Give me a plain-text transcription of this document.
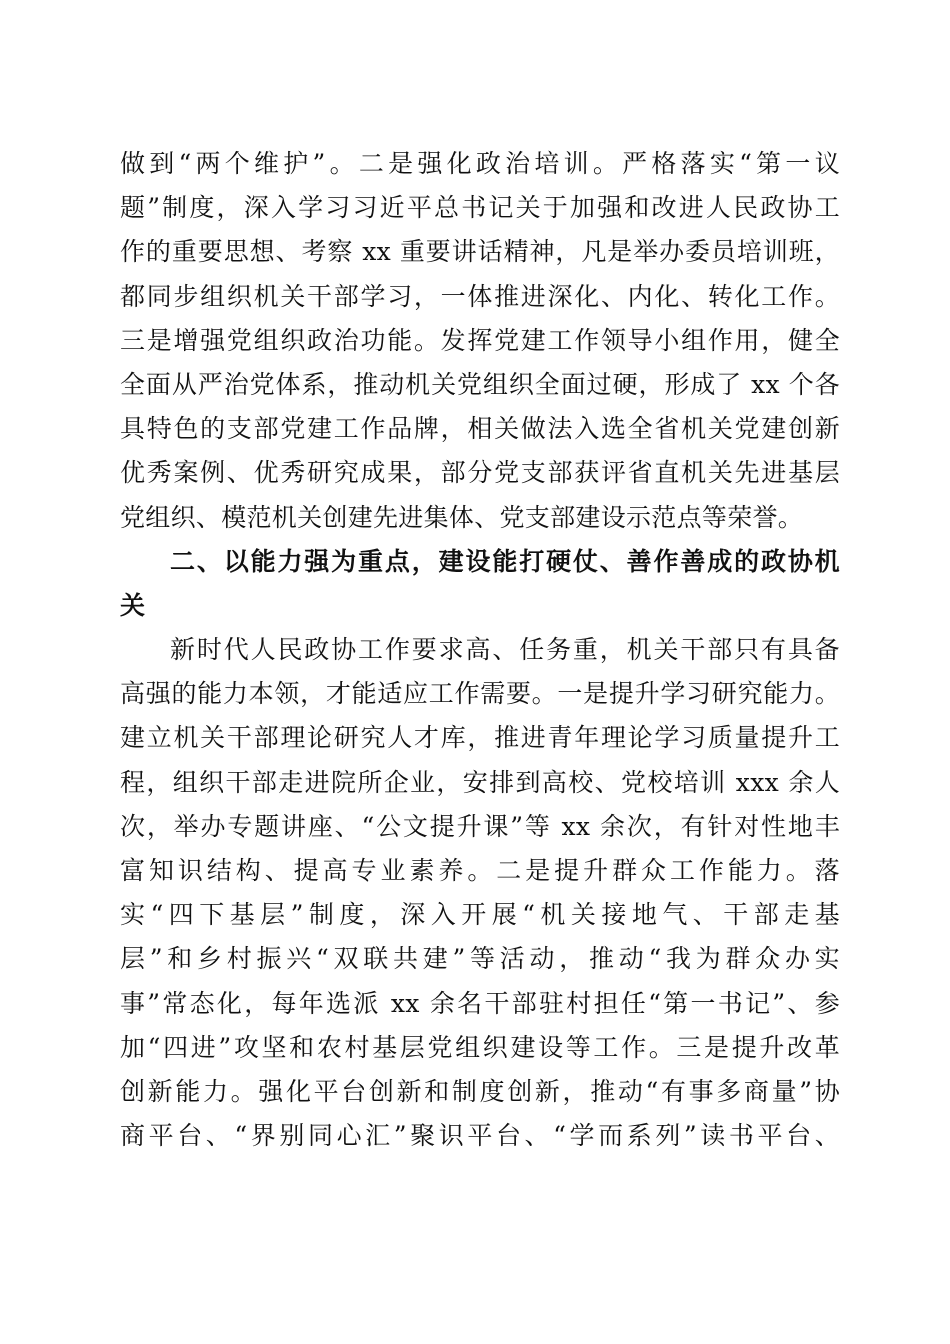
做到“两个维护”。二是强化政治培训。严格落实“第一议
题”制度，深入学习习近平总书记关于加强和改进人民政协工
作的重要思想、考察 xx 重要讲话精神，凡是举办委员培训班，
都同步组织机关干部学习，一体推进深化、内化、转化工作。
三是增强党组织政治功能。发挥党建工作领导小组作用，健全
全面从严治党体系，推动机关党组织全面过硬，形成了 xx 个各
具特色的支部党建工作品牌，相关做法入选全省机关党建创新
优秀案例、优秀研究成果，部分党支部获评省直机关先进基层
党组织、模范机关创建先进集体、党支部建设示范点等荣誉。
二、以能力强为重点，建设能打硬仗、善作善成的政协机
关
新时代人民政协工作要求高、任务重，机关干部只有具备
高强的能力本领，才能适应工作需要。一是提升学习研究能力。
建立机关干部理论研究人才库，推进青年理论学习质量提升工
程，组织干部走进院所企业，安排到高校、党校培训 xxx 余人
次，举办专题讲座、“公文提升课”等 xx 余次，有针对性地丰
富知识结构、提高专业素养。二是提升群众工作能力。落
实“四下基层”制度，深入开展“机关接地气、干部走基
层”和乡村振兴“双联共建”等活动，推动“我为群众办实
事”常态化，每年选派 xx 余名干部驻村担任“第一书记”、参
加“四进”攻坚和农村基层党组织建设等工作。三是提升改革
创新能力。强化平台创新和制度创新，推动“有事多商量”协
商平台、“界别同心汇”聚识平台、“学而系列”读书平台、
